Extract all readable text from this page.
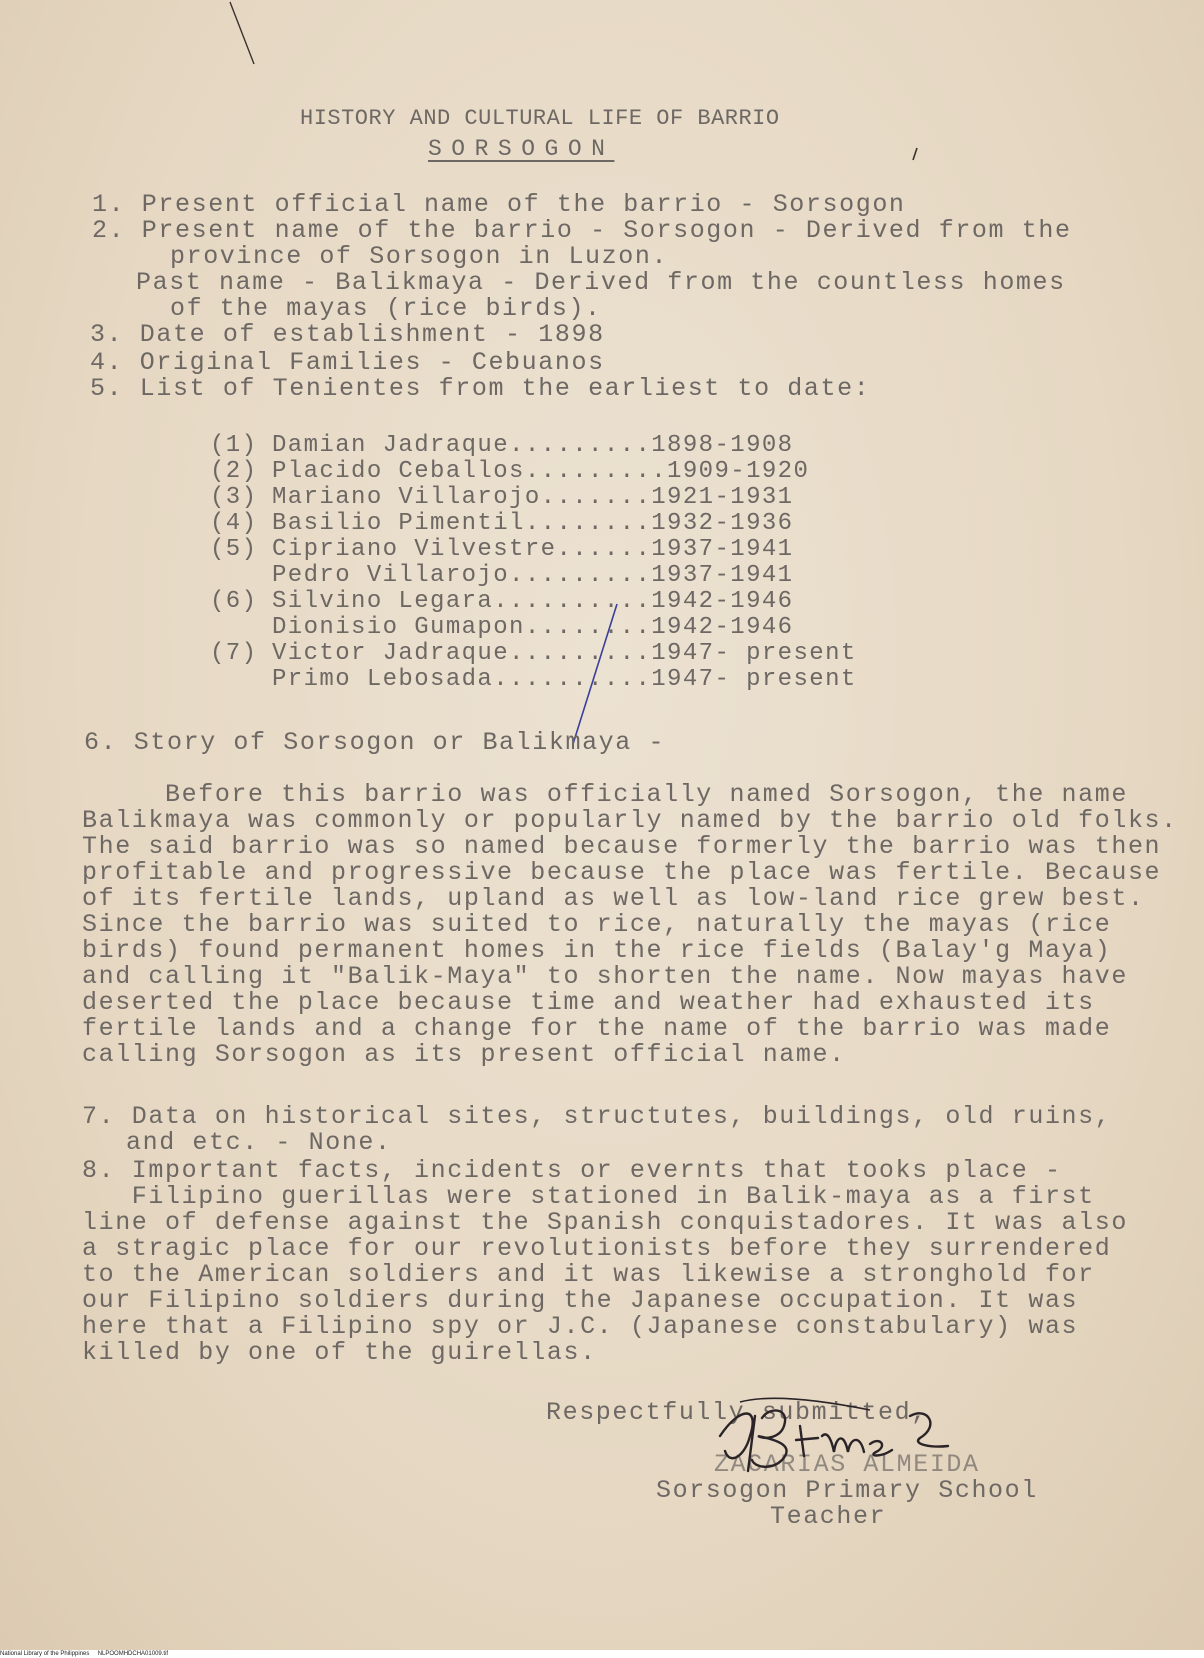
HISTORY AND CULTURAL LIFE OF BARRIO
SORSOGON
1. Present official name of the barrio - Sorsogon
2. Present name of the barrio - Sorsogon - Derived from the
province of Sorsogon in Luzon.
Past name - Balikmaya - Derived from the countless homes
of the mayas (rice birds).
3. Date of establishment - 1898
4. Original Families - Cebuanos
5. List of Tenientes from the earliest to date:
(1) Damian Jadraque.........1898-1908
(2) Placido Ceballos.........1909-1920
(3) Mariano Villarojo.......1921-1931
(4) Basilio Pimentil........1932-1936
(5) Cipriano Vilvestre......1937-1941
Pedro Villarojo.........1937-1941
(6) Silvino Legara..........1942-1946
Dionisio Gumapon........1942-1946
(7) Victor Jadraque.........1947- present
Primo Lebosada..........1947- present
6. Story of Sorsogon or Balikmaya -
Before this barrio was officially named Sorsogon, the name
Balikmaya was commonly or popularly named by the barrio old folks.
The said barrio was so named because formerly the barrio was then
profitable and progressive because the place was fertile. Because
of its fertile lands, upland as well as low-land rice grew best.
Since the barrio was suited to rice, naturally the mayas (rice
birds) found permanent homes in the rice fields (Balay'g Maya)
and calling it "Balik-Maya" to shorten the name. Now mayas have
deserted the place because time and weather had exhausted its
fertile lands and a change for the name of the barrio was made
calling Sorsogon as its present official name.
7. Data on historical sites, structutes, buildings, old ruins,
and etc. - None.
8. Important facts, incidents or evernts that tooks place -
Filipino guerillas were stationed in Balik-maya as a first
line of defense against the Spanish conquistadores. It was also
a stragic place for our revolutionists before they surrendered
to the American soldiers and it was likewise a stronghold for
our Filipino soldiers during the Japanese occupation. It was
here that a Filipino spy or J.C. (Japanese constabulary) was
killed by one of the guirellas.
Respectfully submitted,
ZACARIAS ALMEIDA
Sorsogon Primary School
Teacher
National Library of the Philippines     NLPOOMHDCHA01009.tif
